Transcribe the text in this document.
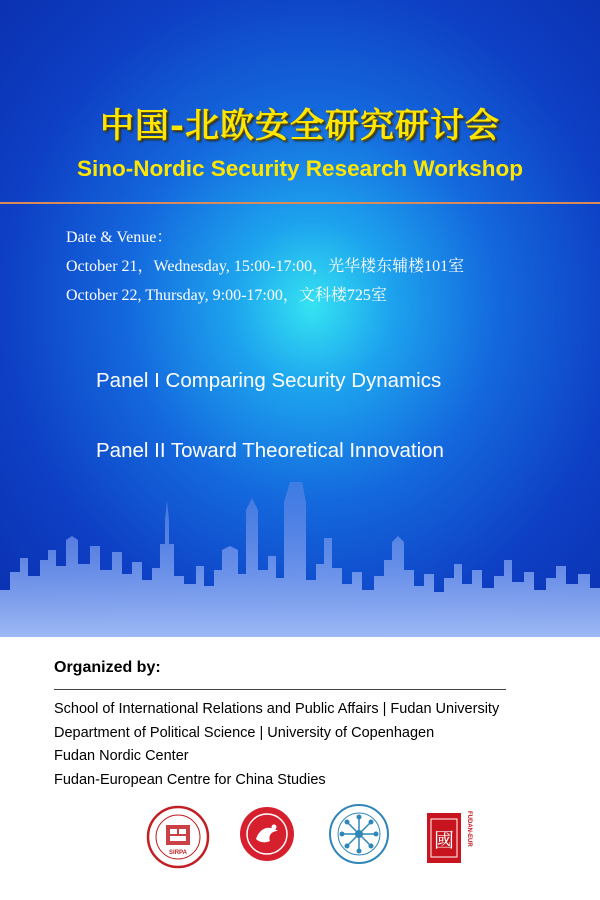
中国-北欧安全研究研讨会
Sino-Nordic Security Research Workshop
Date & Venue：
October 21，Wednesday, 15:00-17:00，光华楼东辅楼101室
October 22, Thursday, 9:00-17:00，文科楼725室
Panel I Comparing Security Dynamics
Panel II Toward Theoretical Innovation
Organized by:
School of International Relations and Public Affairs | Fudan University
Department of Political Science | University of Copenhagen
Fudan Nordic Center
Fudan-European Centre for China Studies
SIRPA
國 FUDAN-EUR
